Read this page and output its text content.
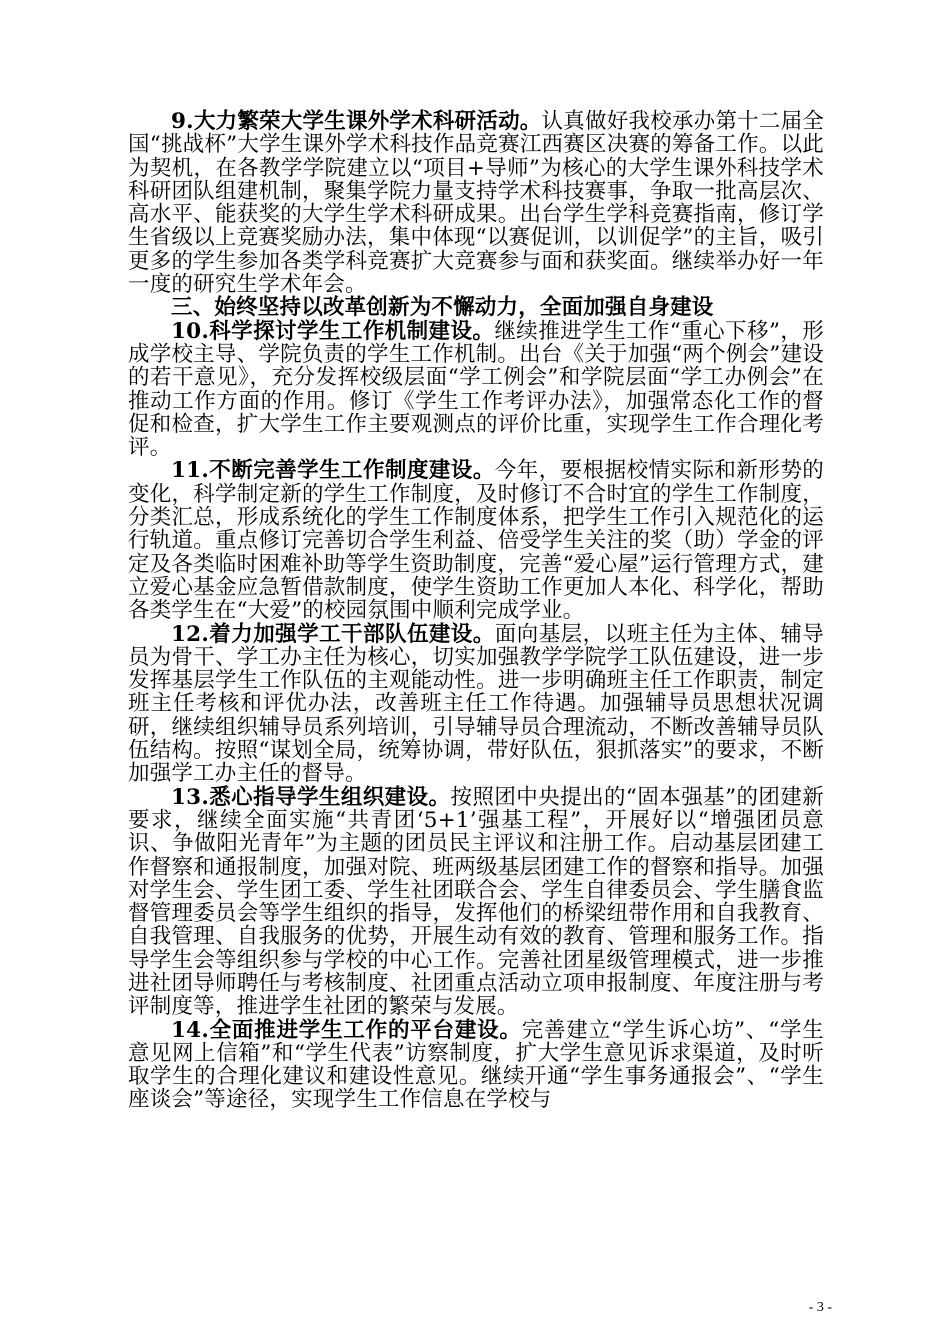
9.大力繁荣大学生课外学术科研活动。认真做好我校承办第十二届全国“挑战杯”大学生课外学术科技作品竞赛江西赛区决赛的筹备工作。以此为契机，在各教学学院建立以“项目+导师”为核心的大学生课外科技学术科研团队组建机制，聚集学院力量支持学术科技赛事，争取一批高层次、高水平、能获奖的大学生学术科研成果。出台学生学科竞赛指南，修订学生省级以上竞赛奖励办法，集中体现“以赛促训，以训促学”的主旨，吸引更多的学生参加各类学科竞赛扩大竞赛参与面和获奖面。继续举办好一年一度的研究生学术年会。

三、始终坚持以改革创新为不懈动力，全面加强自身建设

10.科学探讨学生工作机制建设。继续推进学生工作“重心下移”，形成学校主导、学院负责的学生工作机制。出台《关于加强“两个例会”建设的若干意见》，充分发挥校级层面“学工例会”和学院层面“学工办例会”在推动工作方面的作用。修订《学生工作考评办法》，加强常态化工作的督促和检查，扩大学生工作主要观测点的评价比重，实现学生工作合理化考评。

11.不断完善学生工作制度建设。今年，要根据校情实际和新形势的变化，科学制定新的学生工作制度，及时修订不合时宜的学生工作制度，分类汇总，形成系统化的学生工作制度体系，把学生工作引入规范化的运行轨道。重点修订完善切合学生利益、倍受学生关注的奖（助）学金的评定及各类临时困难补助等学生资助制度，完善“爱心屋”运行管理方式，建立爱心基金应急暂借款制度，使学生资助工作更加人本化、科学化，帮助各类学生在“大爱”的校园氛围中顺利完成学业。

12.着力加强学工干部队伍建设。面向基层，以班主任为主体、辅导员为骨干、学工办主任为核心，切实加强教学学院学工队伍建设，进一步发挥基层学生工作队伍的主观能动性。进一步明确班主任工作职责，制定班主任考核和评优办法，改善班主任工作待遇。加强辅导员思想状况调研，继续组织辅导员系列培训，引导辅导员合理流动，不断改善辅导员队伍结构。按照“谋划全局，统筹协调，带好队伍，狠抓落实”的要求，不断加强学工办主任的督导。

13.悉心指导学生组织建设。按照团中央提出的“固本强基”的团建新要求，继续全面实施“共青团‘5+1’强基工程”，开展好以“增强团员意识、争做阳光青年”为主题的团员民主评议和注册工作。启动基层团建工作督察和通报制度，加强对院、班两级基层团建工作的督察和指导。加强对学生会、学生团工委、学生社团联合会、学生自律委员会、学生膳食监督管理委员会等学生组织的指导，发挥他们的桥梁纽带作用和自我教育、自我管理、自我服务的优势，开展生动有效的教育、管理和服务工作。指导学生会等组织参与学校的中心工作。完善社团星级管理模式，进一步推进社团导师聘任与考核制度、社团重点活动立项申报制度、年度注册与考评制度等，推进学生社团的繁荣与发展。

14.全面推进学生工作的平台建设。完善建立“学生诉心坊”、“学生意见网上信箱”和“学生代表”访察制度，扩大学生意见诉求渠道，及时听取学生的合理化建议和建设性意见。继续开通“学生事务通报会”、“学生座谈会”等途径，实现学生工作信息在学校与

- 3 -
